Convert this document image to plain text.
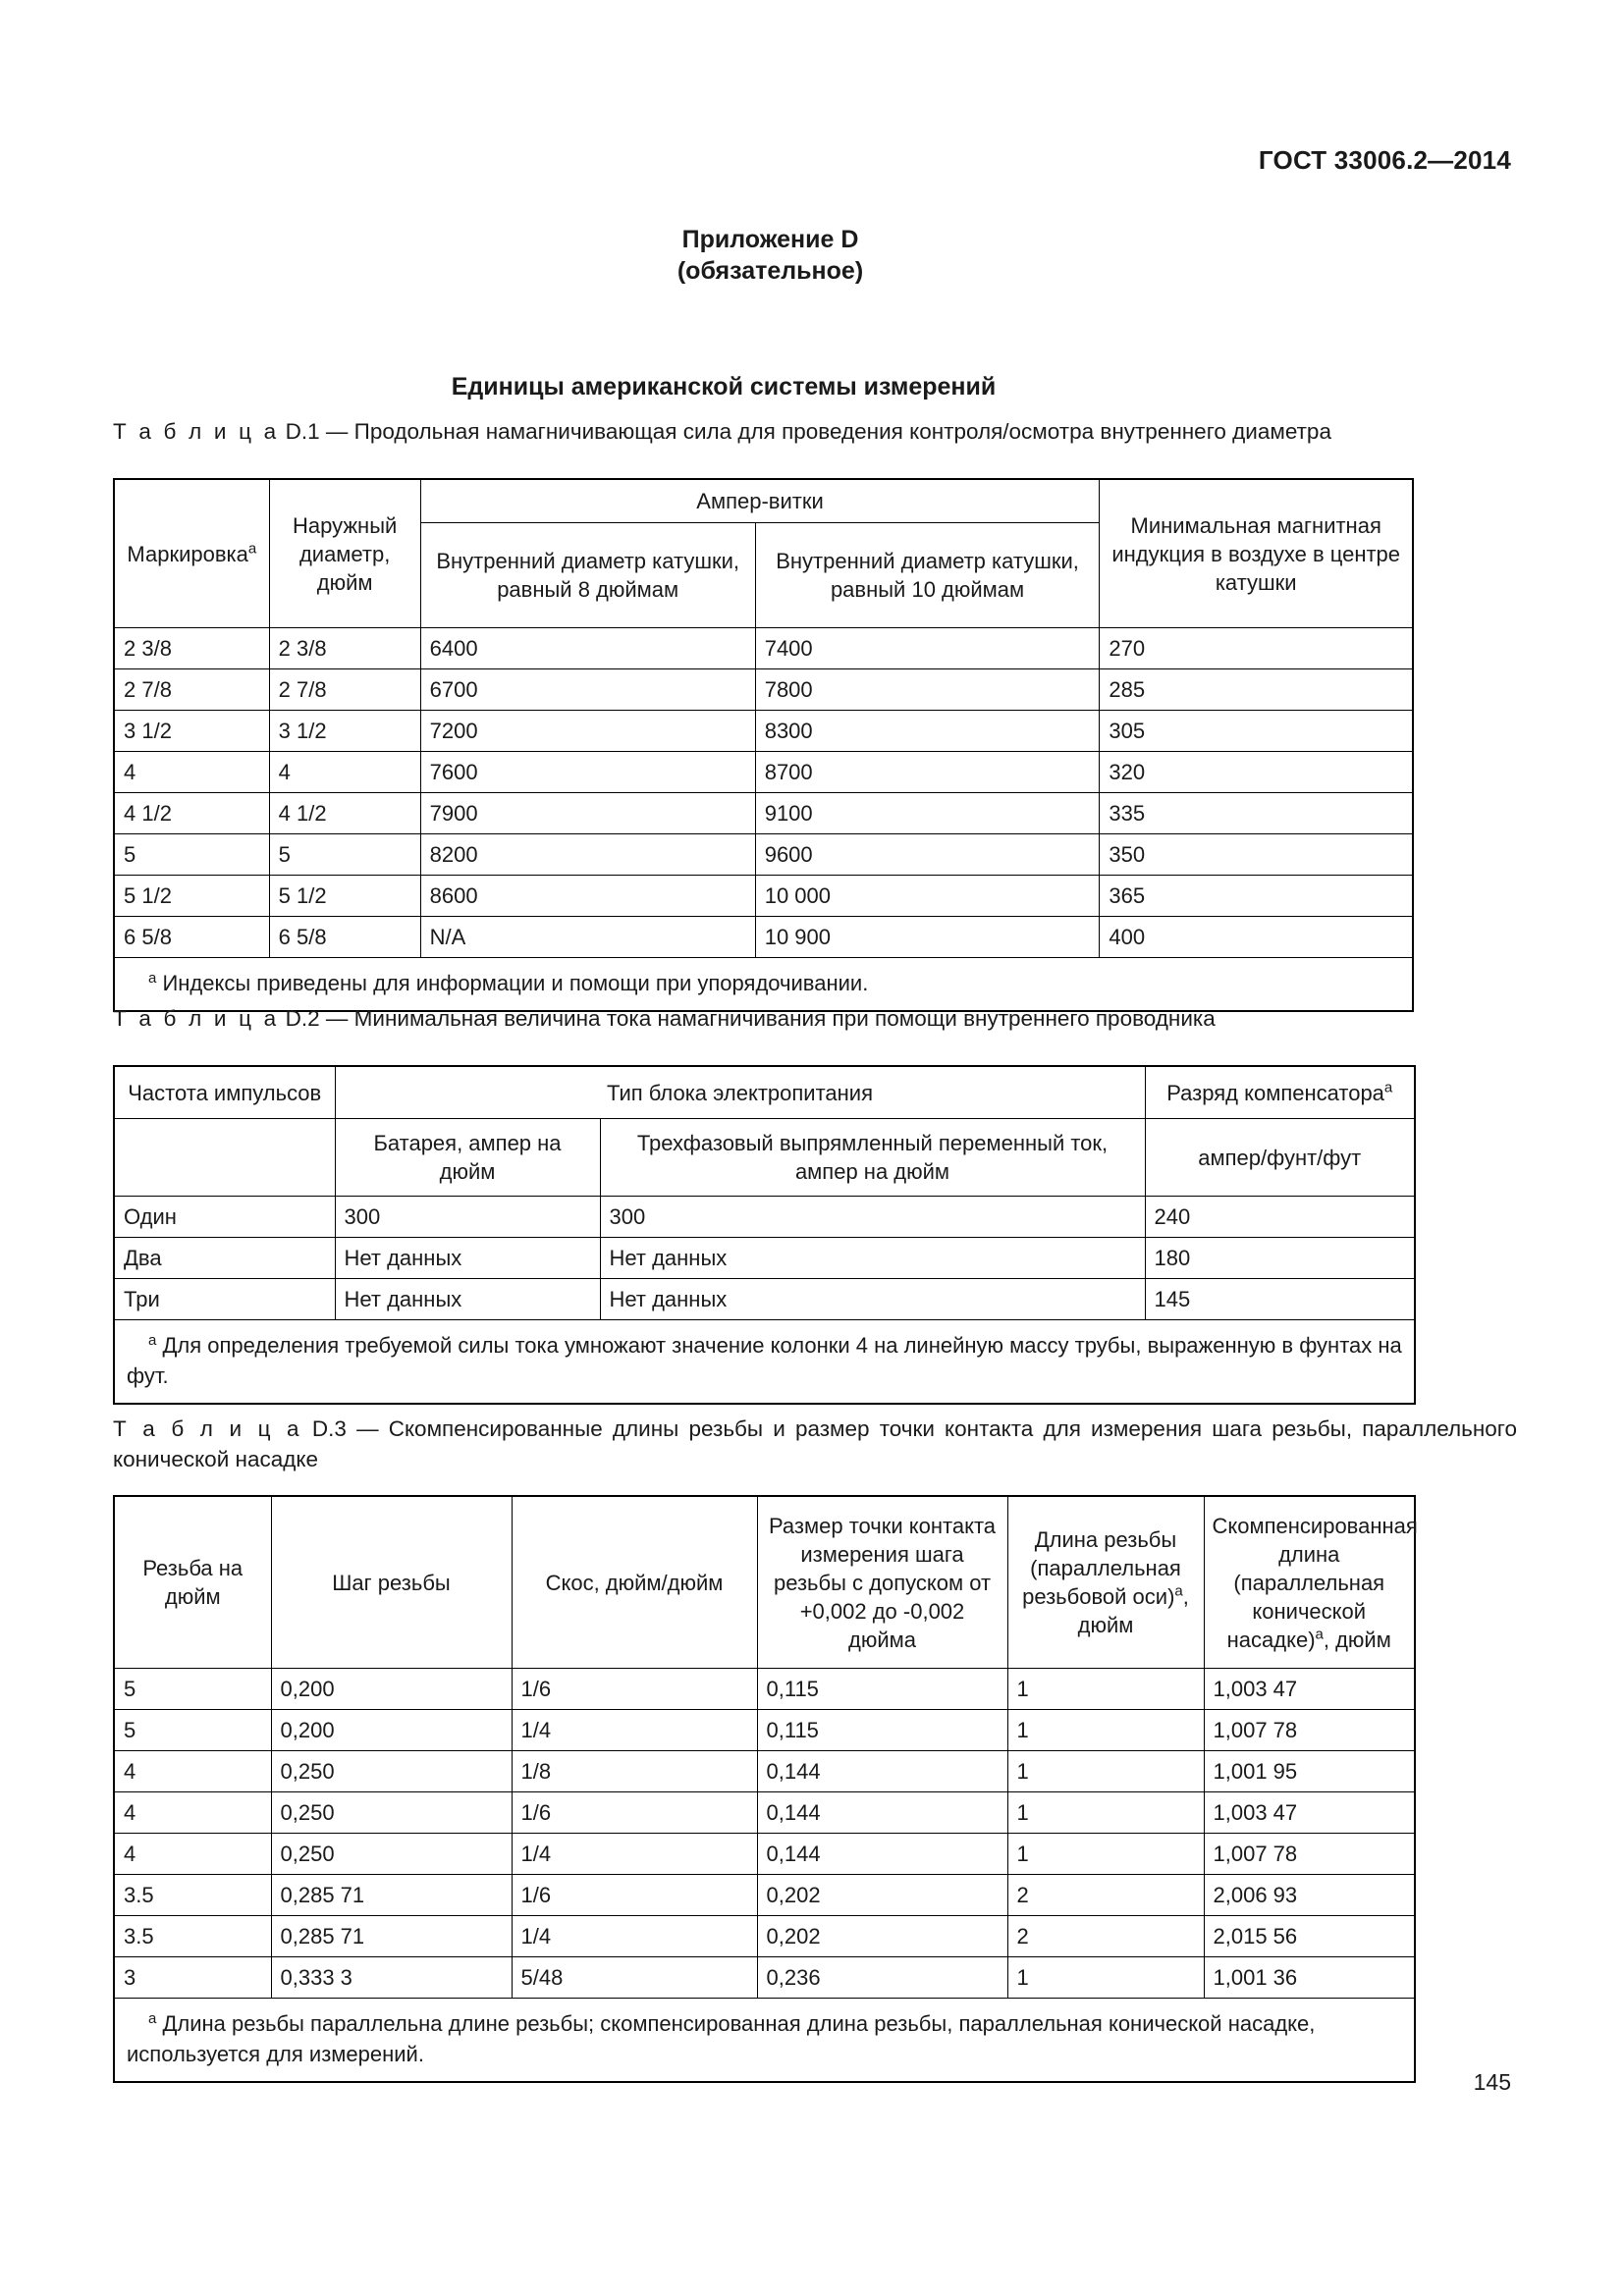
ГОСТ 33006.2—2014
Приложение D
(обязательное)
Единицы американской системы измерений
Т а б л и ц а D.1 — Продольная намагничивающая сила для проведения контроля/осмотра внутреннего диаметра
Маркировка$^a$	Наружный диаметр, дюйм	Ампер-витки		Минимальная магнитная индукция в воздухе в центре катушки
		Внутренний диаметр катушки, равный 8 дюймам	Внутренний диаметр катушки, равный 10 дюймам	
2 3/8	2 3/8	6400	7400	270
2 7/8	2 7/8	6700	7800	285
3 1/2	3 1/2	7200	8300	305
4	4	7600	8700	320
4 1/2	4 1/2	7900	9100	335
5	5	8200	9600	350
5 1/2	5 1/2	8600	10 000	365
6 5/8	6 5/8	N/A	10 900	400
$^a$ Индексы приведены для информации и помощи при упорядочивании.				
Т а б л и ц а D.2 — Минимальная величина тока намагничивания при помощи внутреннего проводника
Частота импульсов	Тип блока электропитания		Разряд компенсатора$^a$
	Батарея, ампер на дюйм	Трехфазовый выпрямленный переменный ток, ампер на дюйм	ампер/фунт/фут
Один	300	300	240
Два	Нет данных	Нет данных	180
Три	Нет данных	Нет данных	145
$^a$ Для определения требуемой силы тока умножают значение колонки 4 на линейную массу трубы, выраженную в фунтах на фут.			
Т а б л и ц а D.3 — Скомпенсированные длины резьбы и размер точки контакта для измерения шага резьбы, параллельного конической насадке
Резьба на дюйм	Шаг резьбы	Скос, дюйм/дюйм	Размер точки контакта измерения шага резьбы с допуском от +0,002 до -0,002 дюйма	Длина резьбы (параллельная резьбовой оси)$^a$, дюйм	Скомпенсированная длина (параллельная конической насадке)$^a$, дюйм
5	0,200	1/6	0,115	1	1,003 47
5	0,200	1/4	0,115	1	1,007 78
4	0,250	1/8	0,144	1	1,001 95
4	0,250	1/6	0,144	1	1,003 47
4	0,250	1/4	0,144	1	1,007 78
3.5	0,285 71	1/6	0,202	2	2,006 93
3.5	0,285 71	1/4	0,202	2	2,015 56
3	0,333 3	5/48	0,236	1	1,001 36
$^a$ Длина резьбы параллельна длине резьбы; скомпенсированная длина резьбы, параллельная конической насадке, используется для измерений.					
145
